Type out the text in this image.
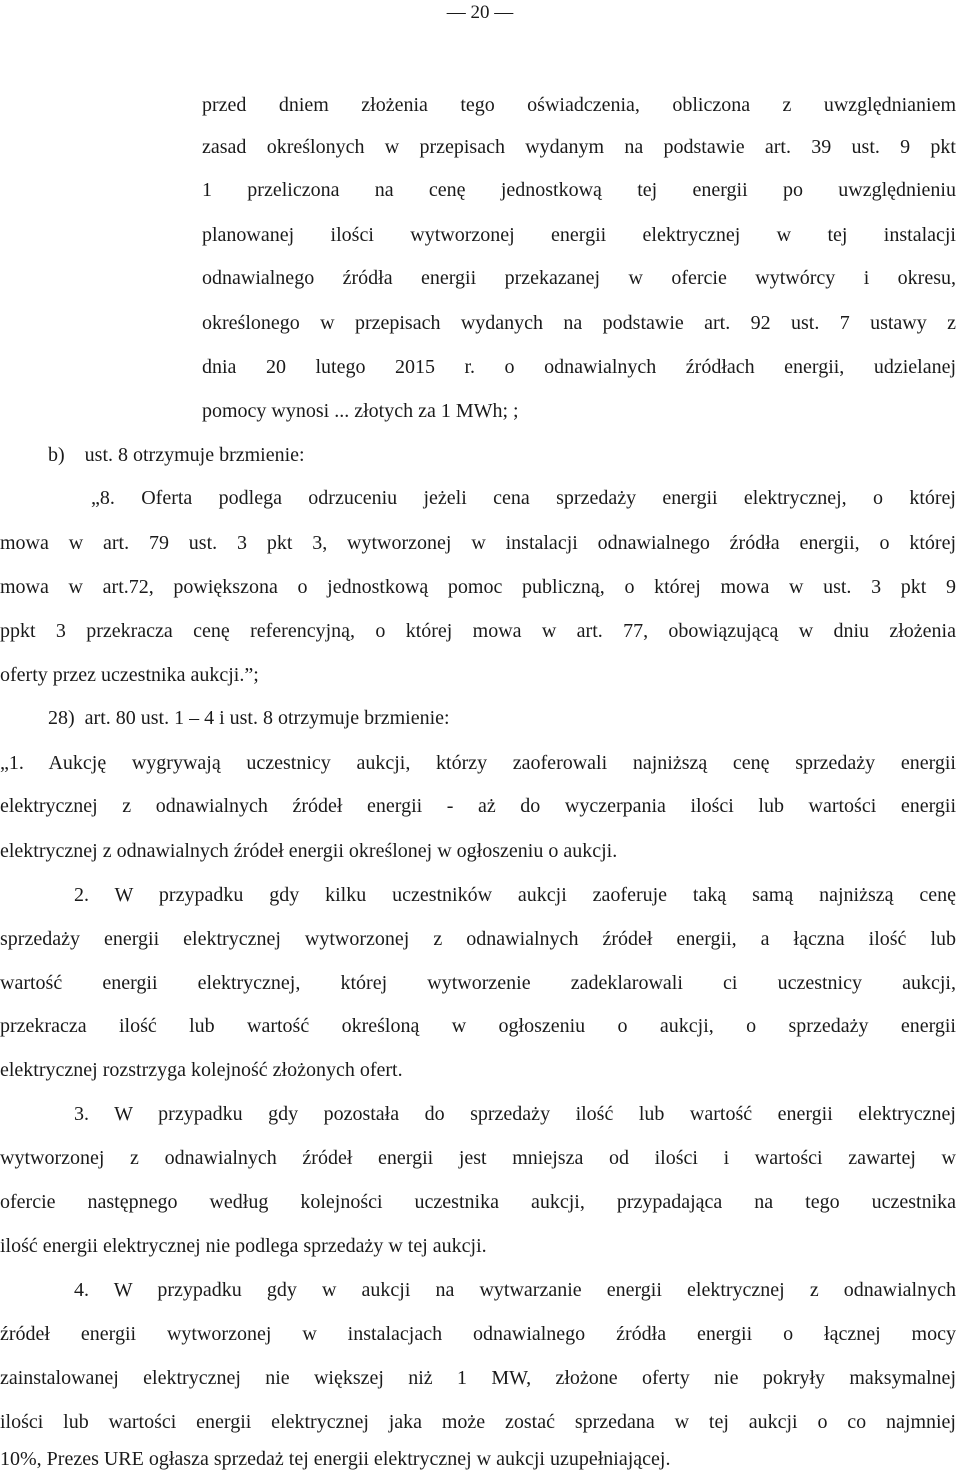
— 20 —

przed dniem złożenia tego oświadczenia, obliczona z uwzględnianiem

zasad określonych w przepisach wydanym na podstawie art. 39 ust. 9 pkt

1 przeliczona na cenę jednostkową tej energii po uwzględnieniu

planowanej ilości wytworzonej energii elektrycznej w tej instalacji

odnawialnego źródła energii przekazanej w ofercie wytwórcy i okresu,

określonego w przepisach wydanych na podstawie art. 92 ust. 7 ustawy z

dnia 20 lutego 2015 r. o odnawialnych źródłach energii, udzielanej

pomocy wynosi ... złotych za 1 MWh; ;

b)    ust. 8 otrzymuje brzmienie:

„8. Oferta podlega odrzuceniu jeżeli cena sprzedaży energii elektrycznej, o której

mowa w art. 79 ust. 3 pkt 3, wytworzonej w instalacji odnawialnego źródła energii, o której

mowa w art.72, powiększona o jednostkową pomoc publiczną, o której mowa w ust. 3 pkt 9

ppkt 3 przekracza cenę referencyjną, o której mowa w art. 77, obowiązującą w dniu złożenia

oferty przez uczestnika aukcji.”;

28)  art. 80 ust. 1 – 4 i ust. 8 otrzymuje brzmienie:

„1. Aukcję wygrywają uczestnicy aukcji, którzy zaoferowali najniższą cenę sprzedaży energii

elektrycznej z odnawialnych źródeł energii - aż do wyczerpania ilości lub wartości energii

elektrycznej z odnawialnych źródeł energii określonej w ogłoszeniu o aukcji.

2. W przypadku gdy kilku uczestników aukcji zaoferuje taką samą najniższą cenę

sprzedaży energii elektrycznej wytworzonej z odnawialnych źródeł energii, a łączna ilość lub

wartość energii elektrycznej, której wytworzenie zadeklarowali ci uczestnicy aukcji,

przekracza ilość lub wartość określoną w ogłoszeniu o aukcji, o sprzedaży energii

elektrycznej rozstrzyga kolejność złożonych ofert.

3. W przypadku gdy pozostała do sprzedaży ilość lub wartość energii elektrycznej

wytworzonej z odnawialnych źródeł energii jest mniejsza od ilości i wartości zawartej w

ofercie następnego według kolejności uczestnika aukcji, przypadająca na tego uczestnika

ilość energii elektrycznej nie podlega sprzedaży w tej aukcji.

4. W przypadku gdy w aukcji na wytwarzanie energii elektrycznej z odnawialnych

źródeł energii wytworzonej w instalacjach odnawialnego źródła energii o łącznej mocy

zainstalowanej elektrycznej nie większej niż 1 MW, złożone oferty nie pokryły maksymalnej

ilości lub wartości energii elektrycznej jaka może zostać sprzedana w tej aukcji o co najmniej

10%, Prezes URE ogłasza sprzedaż tej energii elektrycznej w aukcji uzupełniającej.
